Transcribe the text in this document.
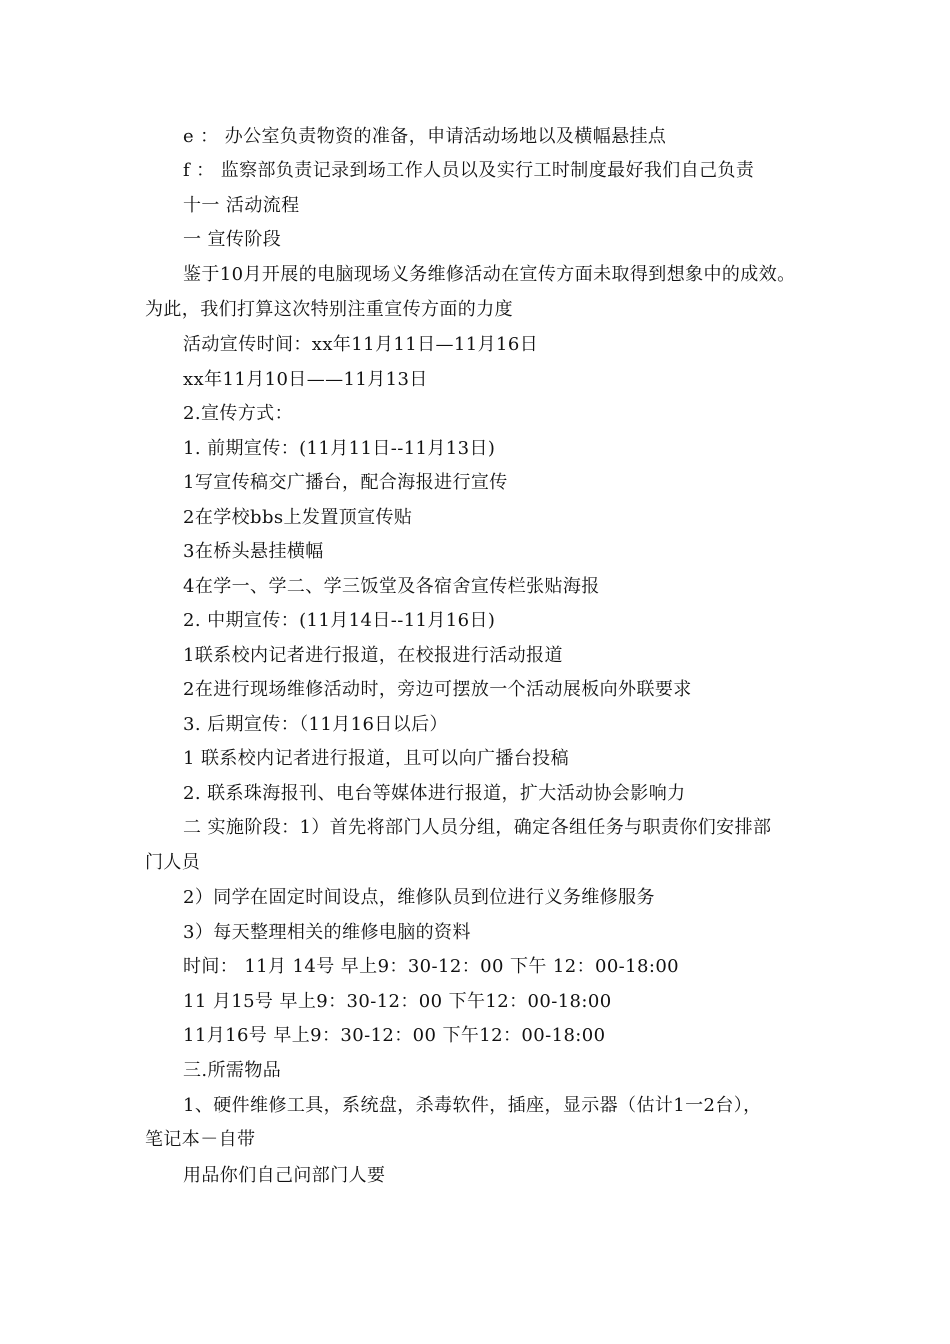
e ： 办公室负责物资的准备，申请活动场地以及横幅悬挂点
f ： 监察部负责记录到场工作人员以及实行工时制度最好我们自己负责
十一 活动流程
一 宣传阶段
鉴于10月开展的电脑现场义务维修活动在宣传方面未取得到想象中的成效。
为此，我们打算这次特别注重宣传方面的力度
活动宣传时间：xx年11月11日—11月16日
xx年11月10日——11月13日
2.宣传方式：
1. 前期宣传：(11月11日--11月13日)
1写宣传稿交广播台，配合海报进行宣传
2在学校bbs上发置顶宣传贴
3在桥头悬挂横幅
4在学一、学二、学三饭堂及各宿舍宣传栏张贴海报
2. 中期宣传：(11月14日--11月16日)
1联系校内记者进行报道，在校报进行活动报道
2在进行现场维修活动时，旁边可摆放一个活动展板向外联要求
3. 后期宣传：（11月16日以后）
1 联系校内记者进行报道，且可以向广播台投稿
2. 联系珠海报刊、电台等媒体进行报道，扩大活动协会影响力
二 实施阶段：1）首先将部门人员分组，确定各组任务与职责你们安排部
门人员
2）同学在固定时间设点，维修队员到位进行义务维修服务
3）每天整理相关的维修电脑的资料
时间： 11月 14号 早上9：30-12：00 下午 12：00-18:00
11 月15号 早上9：30-12：00 下午12：00-18:00
11月16号 早上9：30-12：00 下午12：00-18:00
三.所需物品
1、硬件维修工具，系统盘，杀毒软件，插座，显示器（估计1一2台），
笔记本－自带
用品你们自己问部门人要
